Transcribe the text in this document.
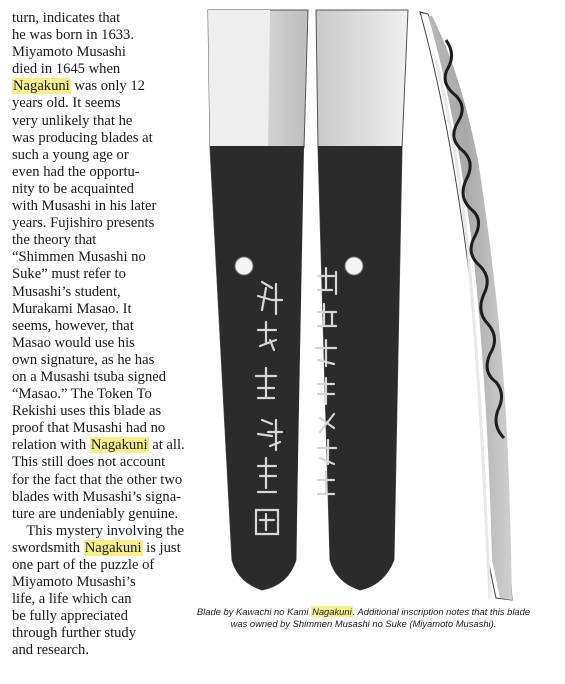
turn, indicates that
he was born in 1633.
Miyamoto Musashi
died in 1645 when
Nagakuni was only 12
years old. It seems
very unlikely that he
was producing blades at
such a young age or
even had the opportu-
nity to be acquainted
with Musashi in his later
years. Fujishiro presents
the theory that
“Shimmen Musashi no
Suke” must refer to
Musashi’s student,
Murakami Masao. It
seems, however, that
Masao would use his
own signature, as he has
on a Musashi tsuba signed
“Masao.” The Token To
Rekishi uses this blade as
proof that Musashi had no
relation with Nagakuni at all.
This still does not account
for the fact that the other two
blades with Musashi’s signa-
ture are undeniably genuine.
This mystery involving the
swordsmith Nagakuni is just
one part of the puzzle of
Miyamoto Musashi’s
life, a life which can
be fully appreciated
through further study
and research.
Blade by Kawachi no Kami Nagakuni. Additional inscription notes that this blade
was owned by Shimmen Musashi no Suke (Miyamoto Musashi).
